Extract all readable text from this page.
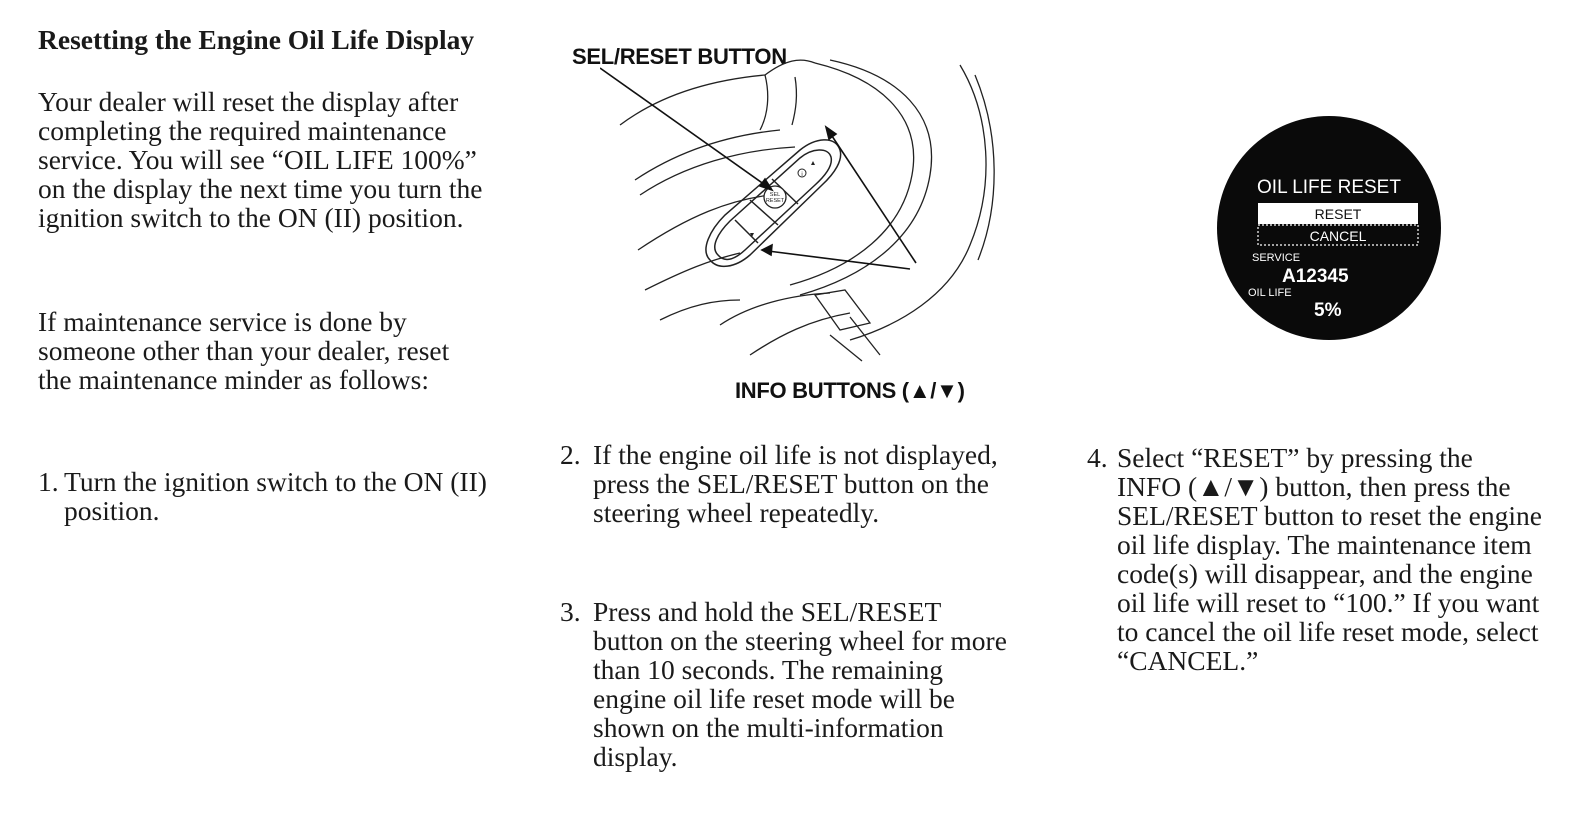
Resetting the Engine Oil Life Display

Your dealer will reset the display after completing the required maintenance service. You will see “OIL LIFE 100%” on the display the next time you turn the ignition switch to the ON (II) position.

If maintenance service is done by someone other than your dealer, reset the maintenance minder as follows:

1. Turn the ignition switch to the ON (II) position.
2. If the engine oil life is not displayed, press the SEL/RESET button on the steering wheel repeatedly.
3. Press and hold the SEL/RESET button on the steering wheel for more than 10 seconds. The remaining engine oil life reset mode will be shown on the multi-information display.
4. Select “RESET” by pressing the INFO (▲/▼) button, then press the SEL/RESET button to reset the engine oil life display. The maintenance item code(s) will disappear, and the engine oil life will reset to “100.” If you want to cancel the oil life reset mode, select “CANCEL.”
SEL/RESET BUTTON
INFO BUTTONS (▲/▼)
SEL
RESET
i
OIL LIFE RESET
RESET
CANCEL
SERVICE
A12345
OIL LIFE
5%
